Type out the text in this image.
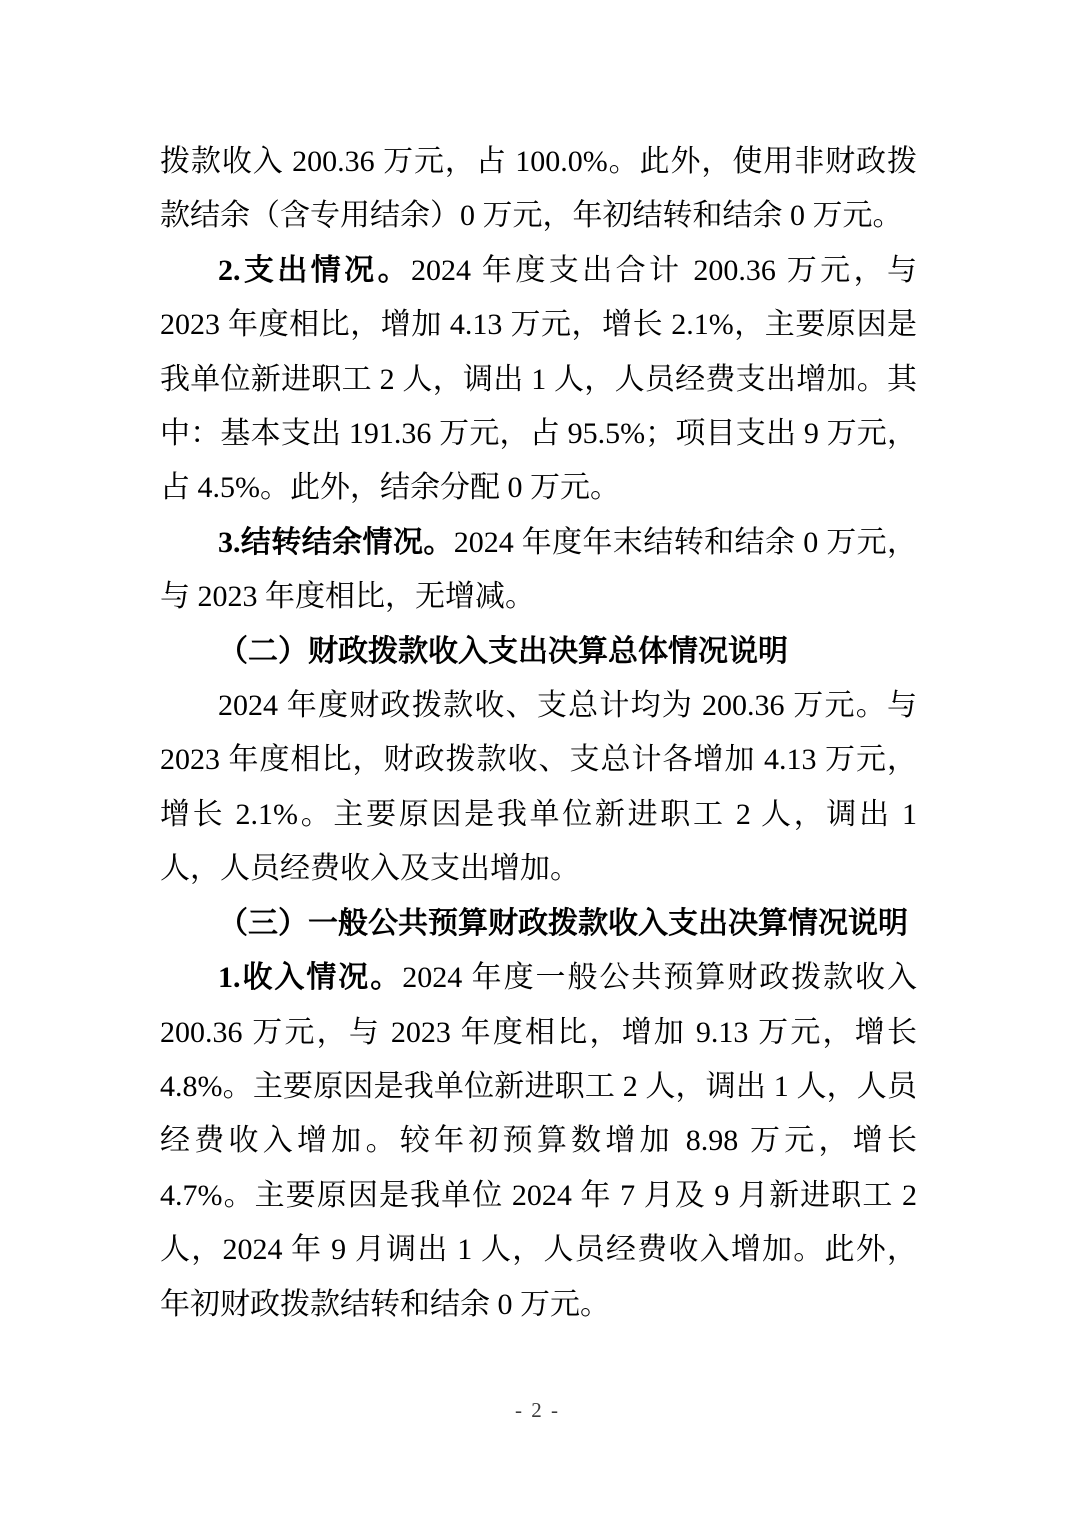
拨款收入 200.36 万元，占 100.0%。此外，使用非财政拨款结余（含专用结余）0 万元，年初结转和结余 0 万元。

2.支出情况。2024 年度支出合计 200.36 万元，与 2023 年度相比，增加 4.13 万元，增长 2.1%，主要原因是我单位新进职工 2 人，调出 1 人，人员经费支出增加。其中：基本支出 191.36 万元，占 95.5%；项目支出 9 万元，占 4.5%。此外，结余分配 0 万元。

3.结转结余情况。2024 年度年末结转和结余 0 万元，与 2023 年度相比，无增减。

（二）财政拨款收入支出决算总体情况说明

2024 年度财政拨款收、支总计均为 200.36 万元。与 2023 年度相比，财政拨款收、支总计各增加 4.13 万元，增长 2.1%。主要原因是我单位新进职工 2 人，调出 1 人，人员经费收入及支出增加。

（三）一般公共预算财政拨款收入支出决算情况说明

1.收入情况。2024 年度一般公共预算财政拨款收入 200.36 万元，与 2023 年度相比，增加 9.13 万元，增长 4.8%。主要原因是我单位新进职工 2 人，调出 1 人，人员经费收入增加。较年初预算数增加 8.98 万元，增长 4.7%。主要原因是我单位 2024 年 7 月及 9 月新进职工 2 人，2024 年 9 月调出 1 人，人员经费收入增加。此外，年初财政拨款结转和结余 0 万元。

- 2 -
